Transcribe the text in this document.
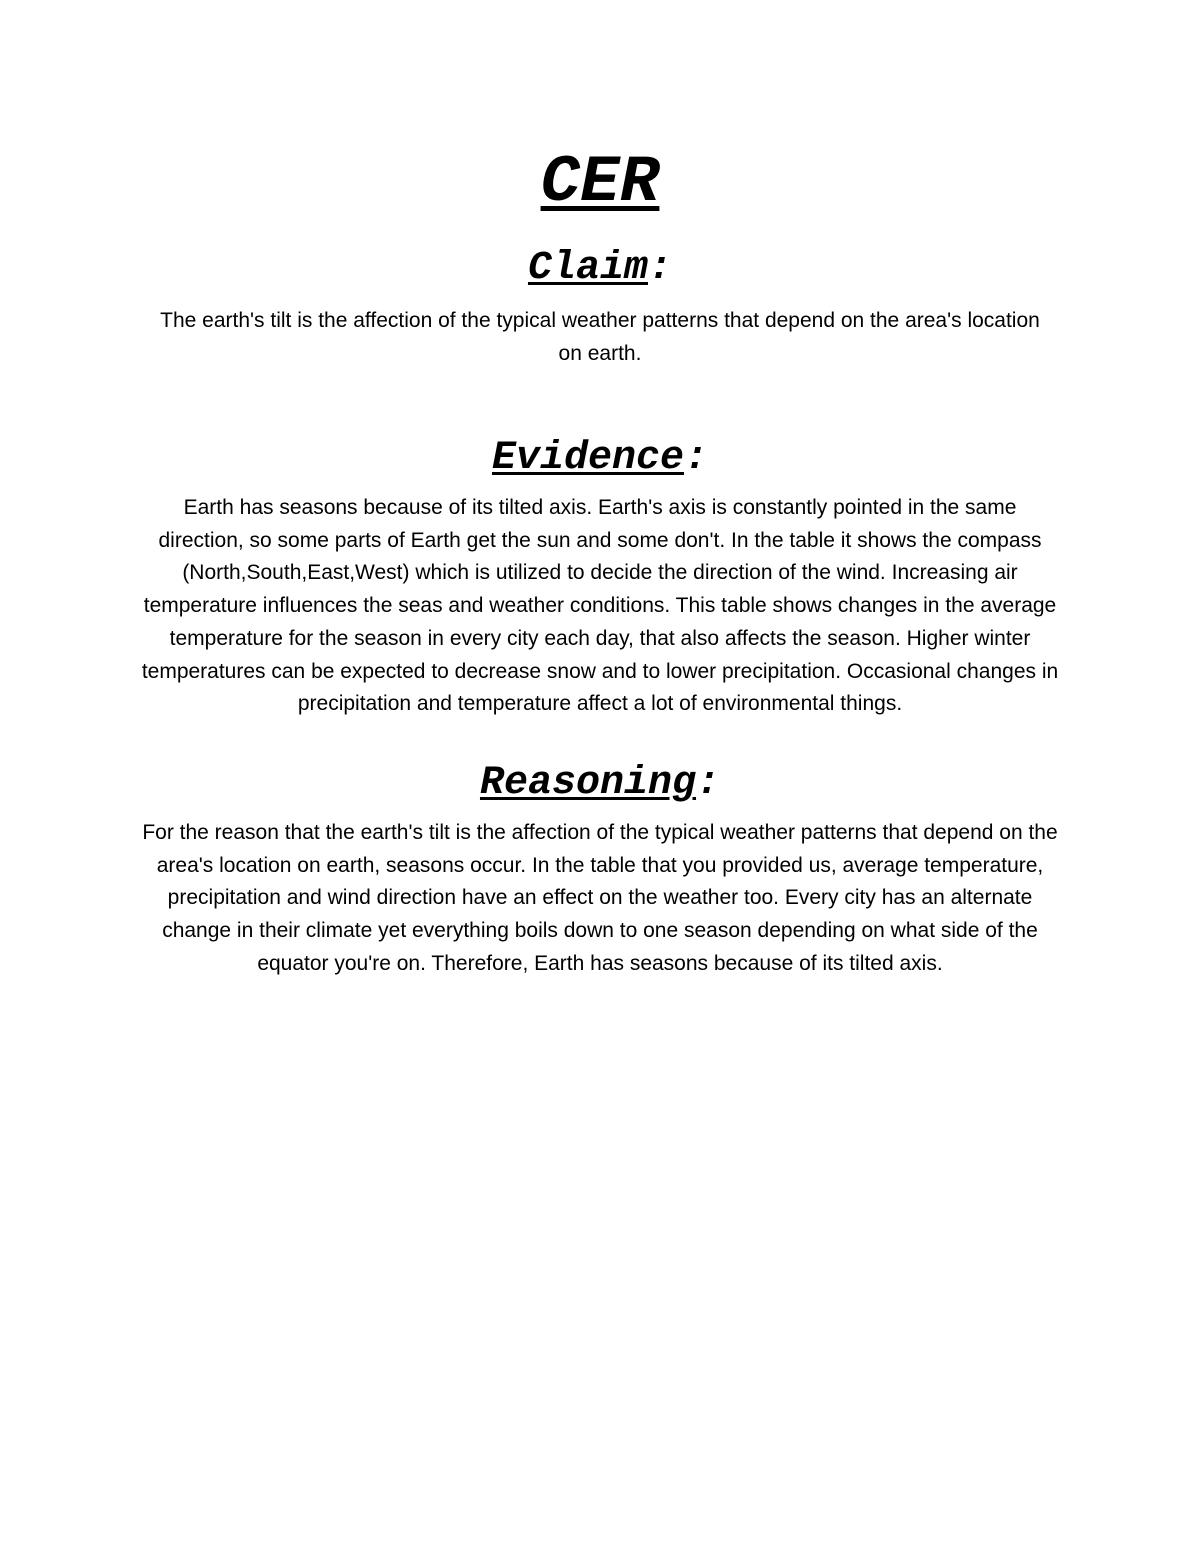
CER
Claim:
The earth's tilt is the affection of the typical weather patterns that depend on the area's location on earth.
Evidence:
Earth has seasons because of its tilted axis. Earth's axis is constantly pointed in the same direction, so some parts of Earth get the sun and some don't. In the table it shows the compass (North,South,East,West) which is utilized to decide the direction of the wind. Increasing air temperature influences the seas and weather conditions. This table shows changes in the average temperature for the season in every city each day, that also affects the season. Higher winter temperatures can be expected to decrease snow and to lower precipitation. Occasional changes in precipitation and temperature affect a lot of environmental things.
Reasoning:
For the reason that the earth's tilt is the affection of the typical weather patterns that depend on the area's location on earth, seasons occur. In the table that you provided us, average temperature, precipitation and wind direction have an effect on the weather too. Every city has an alternate change in their climate yet everything boils down to one season depending on what side of the equator you're on. Therefore, Earth has seasons because of its tilted axis.
